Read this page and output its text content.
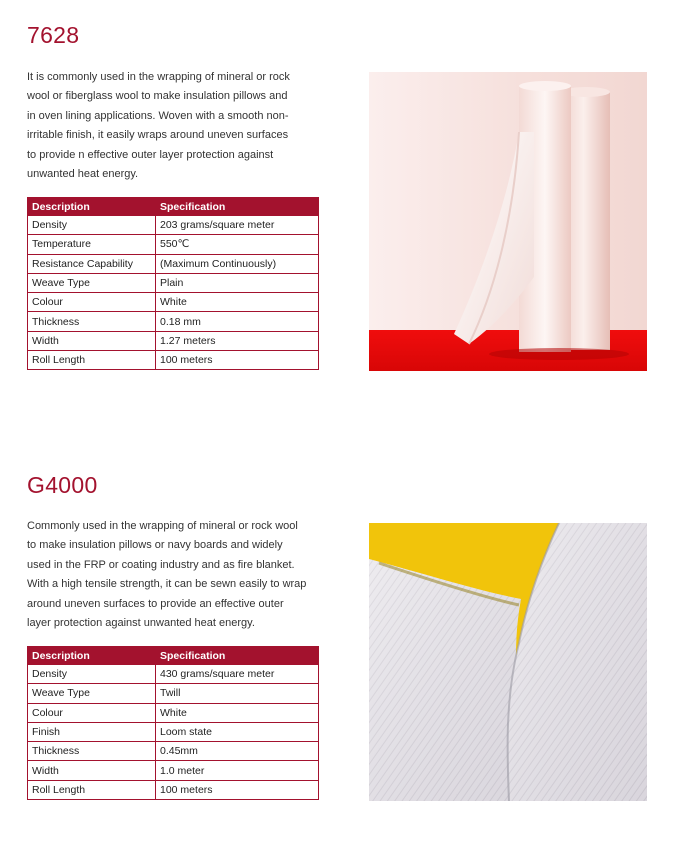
7628

It is commonly used in the wrapping of mineral or rock
wool or fiberglass wool to make insulation pillows and
in oven lining applications. Woven with a smooth non-
irritable finish, it easily wraps around uneven surfaces
to provide n effective outer layer protection against
unwanted heat energy.

Description	Specification
Density	203 grams/square meter
Temperature	550℃
Resistance Capability	(Maximum Continuously)
Weave Type	Plain
Colour	White
Thickness	0.18 mm
Width	1.27 meters
Roll Length	100 meters
G4000

Commonly used in the wrapping of mineral or rock wool
to make insulation pillows or navy boards and widely
used in the FRP or coating industry and as fire blanket.
With a high tensile strength, it can be sewn easily to wrap
around uneven surfaces to provide an effective outer
layer protection against unwanted heat energy.

Description	Specification
Density	430 grams/square meter
Weave Type	Twill
Colour	White
Finish	Loom state
Thickness	0.45mm
Width	1.0 meter
Roll Length	100 meters
